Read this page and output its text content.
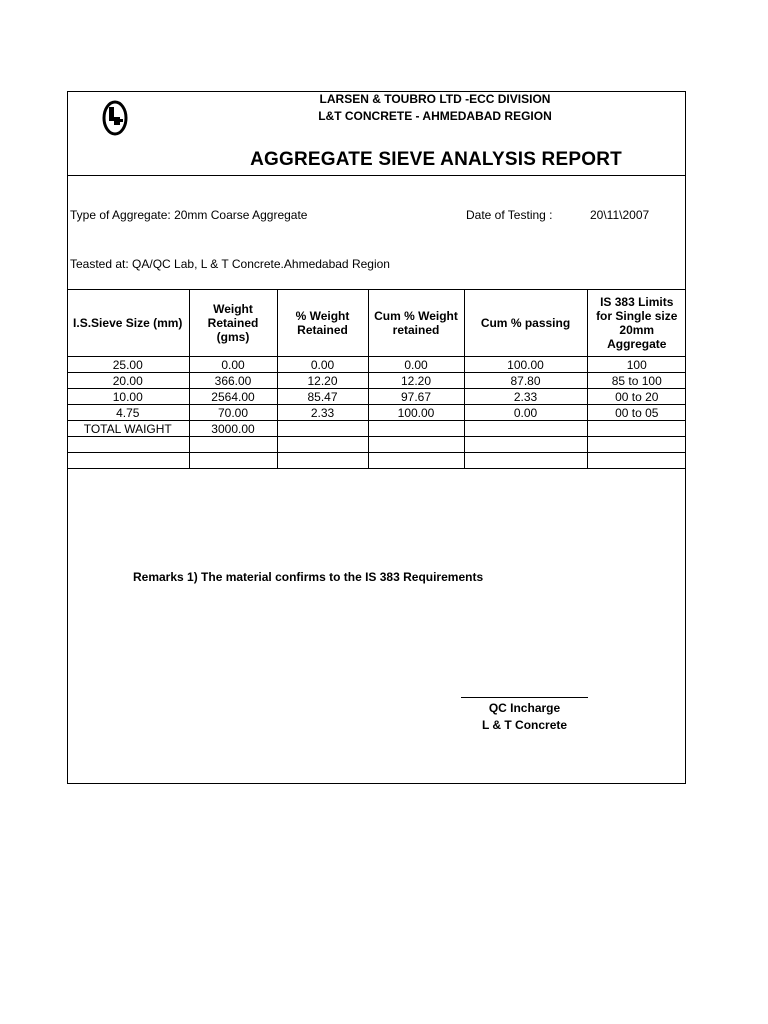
LARSEN & TOUBRO LTD -ECC DIVISION
L&T CONCRETE - AHMEDABAD REGION
AGGREGATE SIEVE ANALYSIS REPORT
Type of Aggregate: 20mm Coarse Aggregate	Date of Testing :	20\11\2007
Teasted at: QA/QC Lab, L & T Concrete.Ahmedabad Region
I.S.Sieve Size (mm)	Weight Retained (gms)	% Weight Retained	Cum % Weight retained	Cum % passing	IS 383 Limits for Single size 20mm Aggregate
25.00	0.00	0.00	0.00	100.00	100
20.00	366.00	12.20	12.20	87.80	85 to 100
10.00	2564.00	85.47	97.67	2.33	00 to 20
4.75	70.00	2.33	100.00	0.00	00 to 05
TOTAL WAIGHT	3000.00				

Remarks 1) The material confirms to the IS 383 Requirements
QC Incharge
L & T Concrete
